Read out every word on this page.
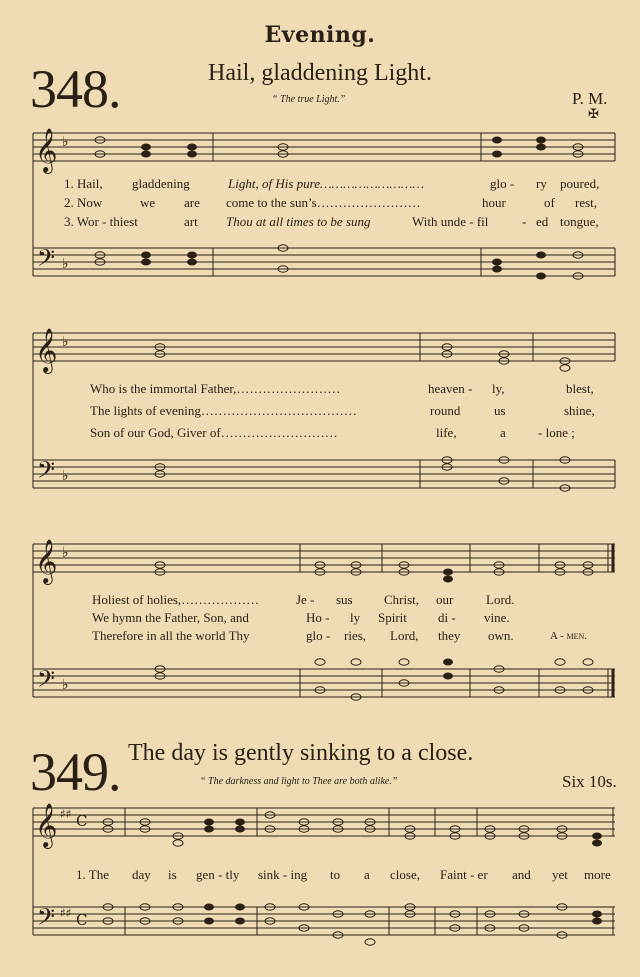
Evening.
348.	Hail, gladdening Light.
“ The true Light.”	P. M.
✠
𝄞
𝄢
𝄞
𝄢
𝄞
𝄢
𝄞
𝄢
♭
♭
♭
♭
♭
♭
♯♯
♯♯
C
C
1. Hail, gladdening	Light, of His pure………………………	glo - ry poured,
2. Now	we are come to the sun’s……………………	hour	of rest,
3. Wor - thiest	art Thou at all times to be sung	With unde - fil	- ed tongue,
Who is the immortal Father,……………………	heaven - ly,	blest,
The lights of evening………………………………	round	us	shine,
Son of our God, Giver of………………………	life,	a - lone ;
Holiest of holies,………………	Je - sus Christ, our	Lord.
We hymn the Father, Son, and	Ho - ly Spirit di - vine.
Therefore in all the world Thy	glo - ries, Lord, they own.	A - men.
349. The day is gently sinking to a close.
“ The darkness and light to Thee are both alike.”	Six 10s.
1. The day is gen - tly sink - ing to a close, Faint - er and yet more
